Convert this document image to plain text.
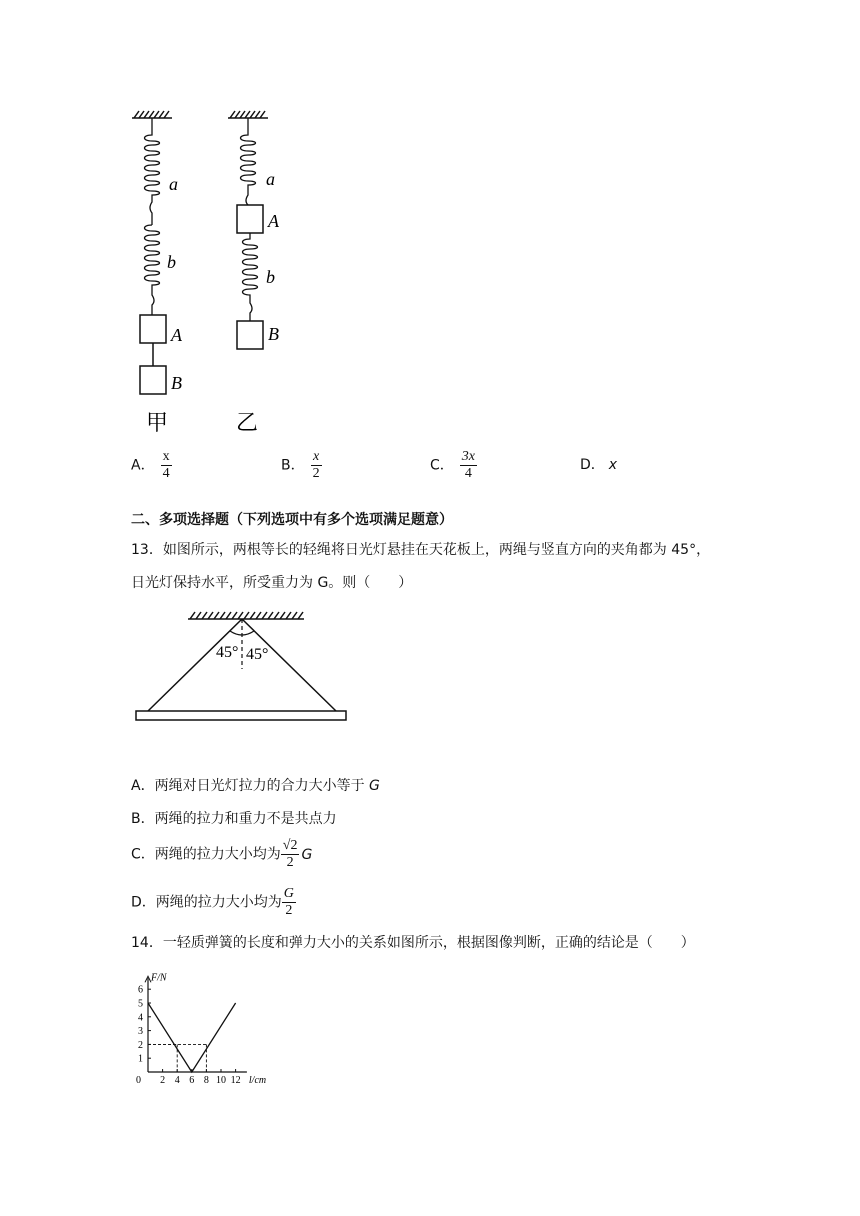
a
b
A
B
甲
a
A
b
B
乙
A． $\frac{x}{4}$	B． $\frac{x}{2}$	C． $\frac{3x}{4}$	D． x
二、多项选择题（下列选项中有多个选项满足题意）
13．如图所示，两根等长的轻绳将日光灯悬挂在天花板上，两绳与竖直方向的夹角都为 45°，
日光灯保持水平，所受重力为 G。则（　　）
45° 45°
A．两绳对日光灯拉力的合力大小等于 G
B．两绳的拉力和重力不是共点力
C．两绳的拉力大小均为 $\frac{√2}{2}$ G
D．两绳的拉力大小均为 $\frac{G}{2}$
14．一轻质弹簧的长度和弹力大小的关系如图所示，根据图像判断，正确的结论是（　　）
F/N
0 2 4 6 8 10 12 l/cm
1
2
3
4
5
6
